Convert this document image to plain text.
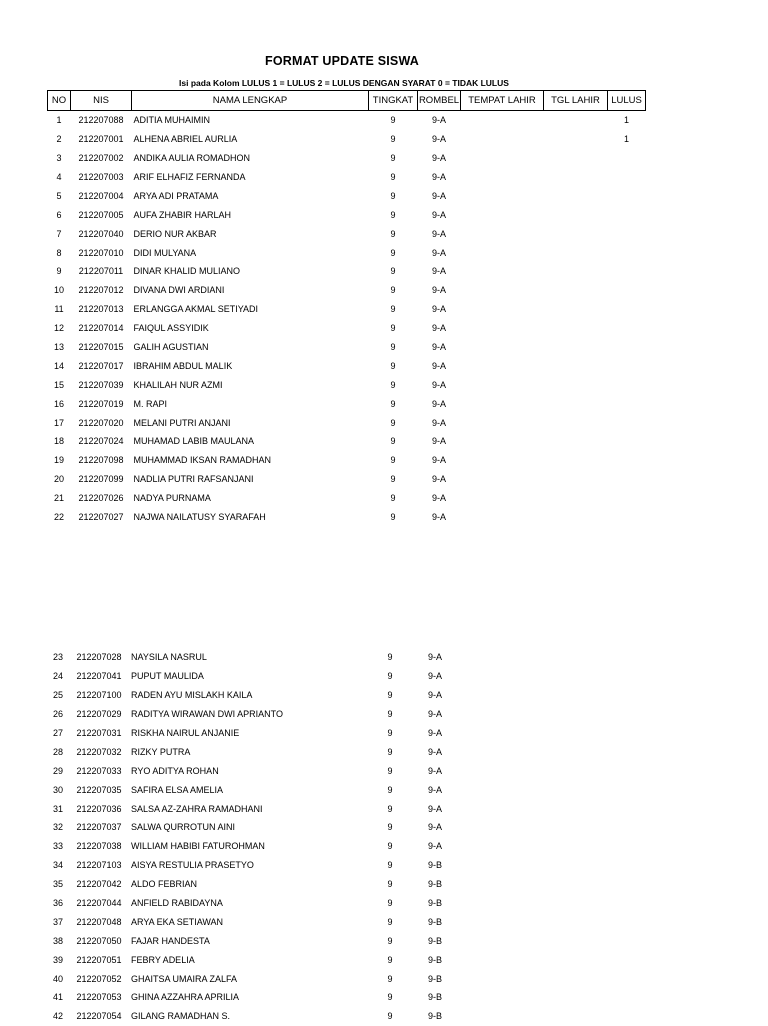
FORMAT UPDATE SISWA
Isi pada Kolom LULUS 1 = LULUS 2 = LULUS DENGAN SYARAT 0 = TIDAK LULUS
NO	NIS	NAMA LENGKAP	TINGKAT	ROMBEL	TEMPAT LAHIR	TGL LAHIR	LULUS
1	212207088	ADITIA MUHAIMIN	9	9-A			1
2	212207001	ALHENA ABRIEL AURLIA	9	9-A			1
3	212207002	ANDIKA AULIA ROMADHON	9	9-A			
4	212207003	ARIF ELHAFIZ FERNANDA	9	9-A			
5	212207004	ARYA ADI PRATAMA	9	9-A			
6	212207005	AUFA ZHABIR HARLAH	9	9-A			
7	212207040	DERIO NUR AKBAR	9	9-A			
8	212207010	DIDI MULYANA	9	9-A			
9	212207011	DINAR KHALID MULIANO	9	9-A			
10	212207012	DIVANA DWI ARDIANI	9	9-A			
11	212207013	ERLANGGA AKMAL SETIYADI	9	9-A			
12	212207014	FAIQUL ASSYIDIK	9	9-A			
13	212207015	GALIH AGUSTIAN	9	9-A			
14	212207017	IBRAHIM ABDUL MALIK	9	9-A			
15	212207039	KHALILAH NUR AZMI	9	9-A			
16	212207019	M. RAPI	9	9-A			
17	212207020	MELANI PUTRI ANJANI	9	9-A			
18	212207024	MUHAMAD LABIB MAULANA	9	9-A			
19	212207098	MUHAMMAD IKSAN RAMADHAN	9	9-A			
20	212207099	NADLIA PUTRI RAFSANJANI	9	9-A			
21	212207026	NADYA PURNAMA	9	9-A			
22	212207027	NAJWA NAILATUSY SYARAFAH	9	9-A			
23	212207028	NAYSILA NASRUL	9	9-A			
24	212207041	PUPUT MAULIDA	9	9-A			
25	212207100	RADEN AYU MISLAKH KAILA	9	9-A			
26	212207029	RADITYA WIRAWAN DWI APRIANTO	9	9-A			
27	212207031	RISKHA NAIRUL ANJANIE	9	9-A			
28	212207032	RIZKY PUTRA	9	9-A			
29	212207033	RYO ADITYA ROHAN	9	9-A			
30	212207035	SAFIRA ELSA AMELIA	9	9-A			
31	212207036	SALSA AZ-ZAHRA RAMADHANI	9	9-A			
32	212207037	SALWA QURROTUN AINI	9	9-A			
33	212207038	WILLIAM HABIBI FATUROHMAN	9	9-A			
34	212207103	AISYA RESTULIA PRASETYO	9	9-B			
35	212207042	ALDO FEBRIAN	9	9-B			
36	212207044	ANFIELD RABIDAYNA	9	9-B			
37	212207048	ARYA EKA SETIAWAN	9	9-B			
38	212207050	FAJAR HANDESTA	9	9-B			
39	212207051	FEBRY ADELIA	9	9-B			
40	212207052	GHAITSA UMAIRA ZALFA	9	9-B			
41	212207053	GHINA AZZAHRA APRILIA	9	9-B			
42	212207054	GILANG RAMADHAN S.	9	9-B			
